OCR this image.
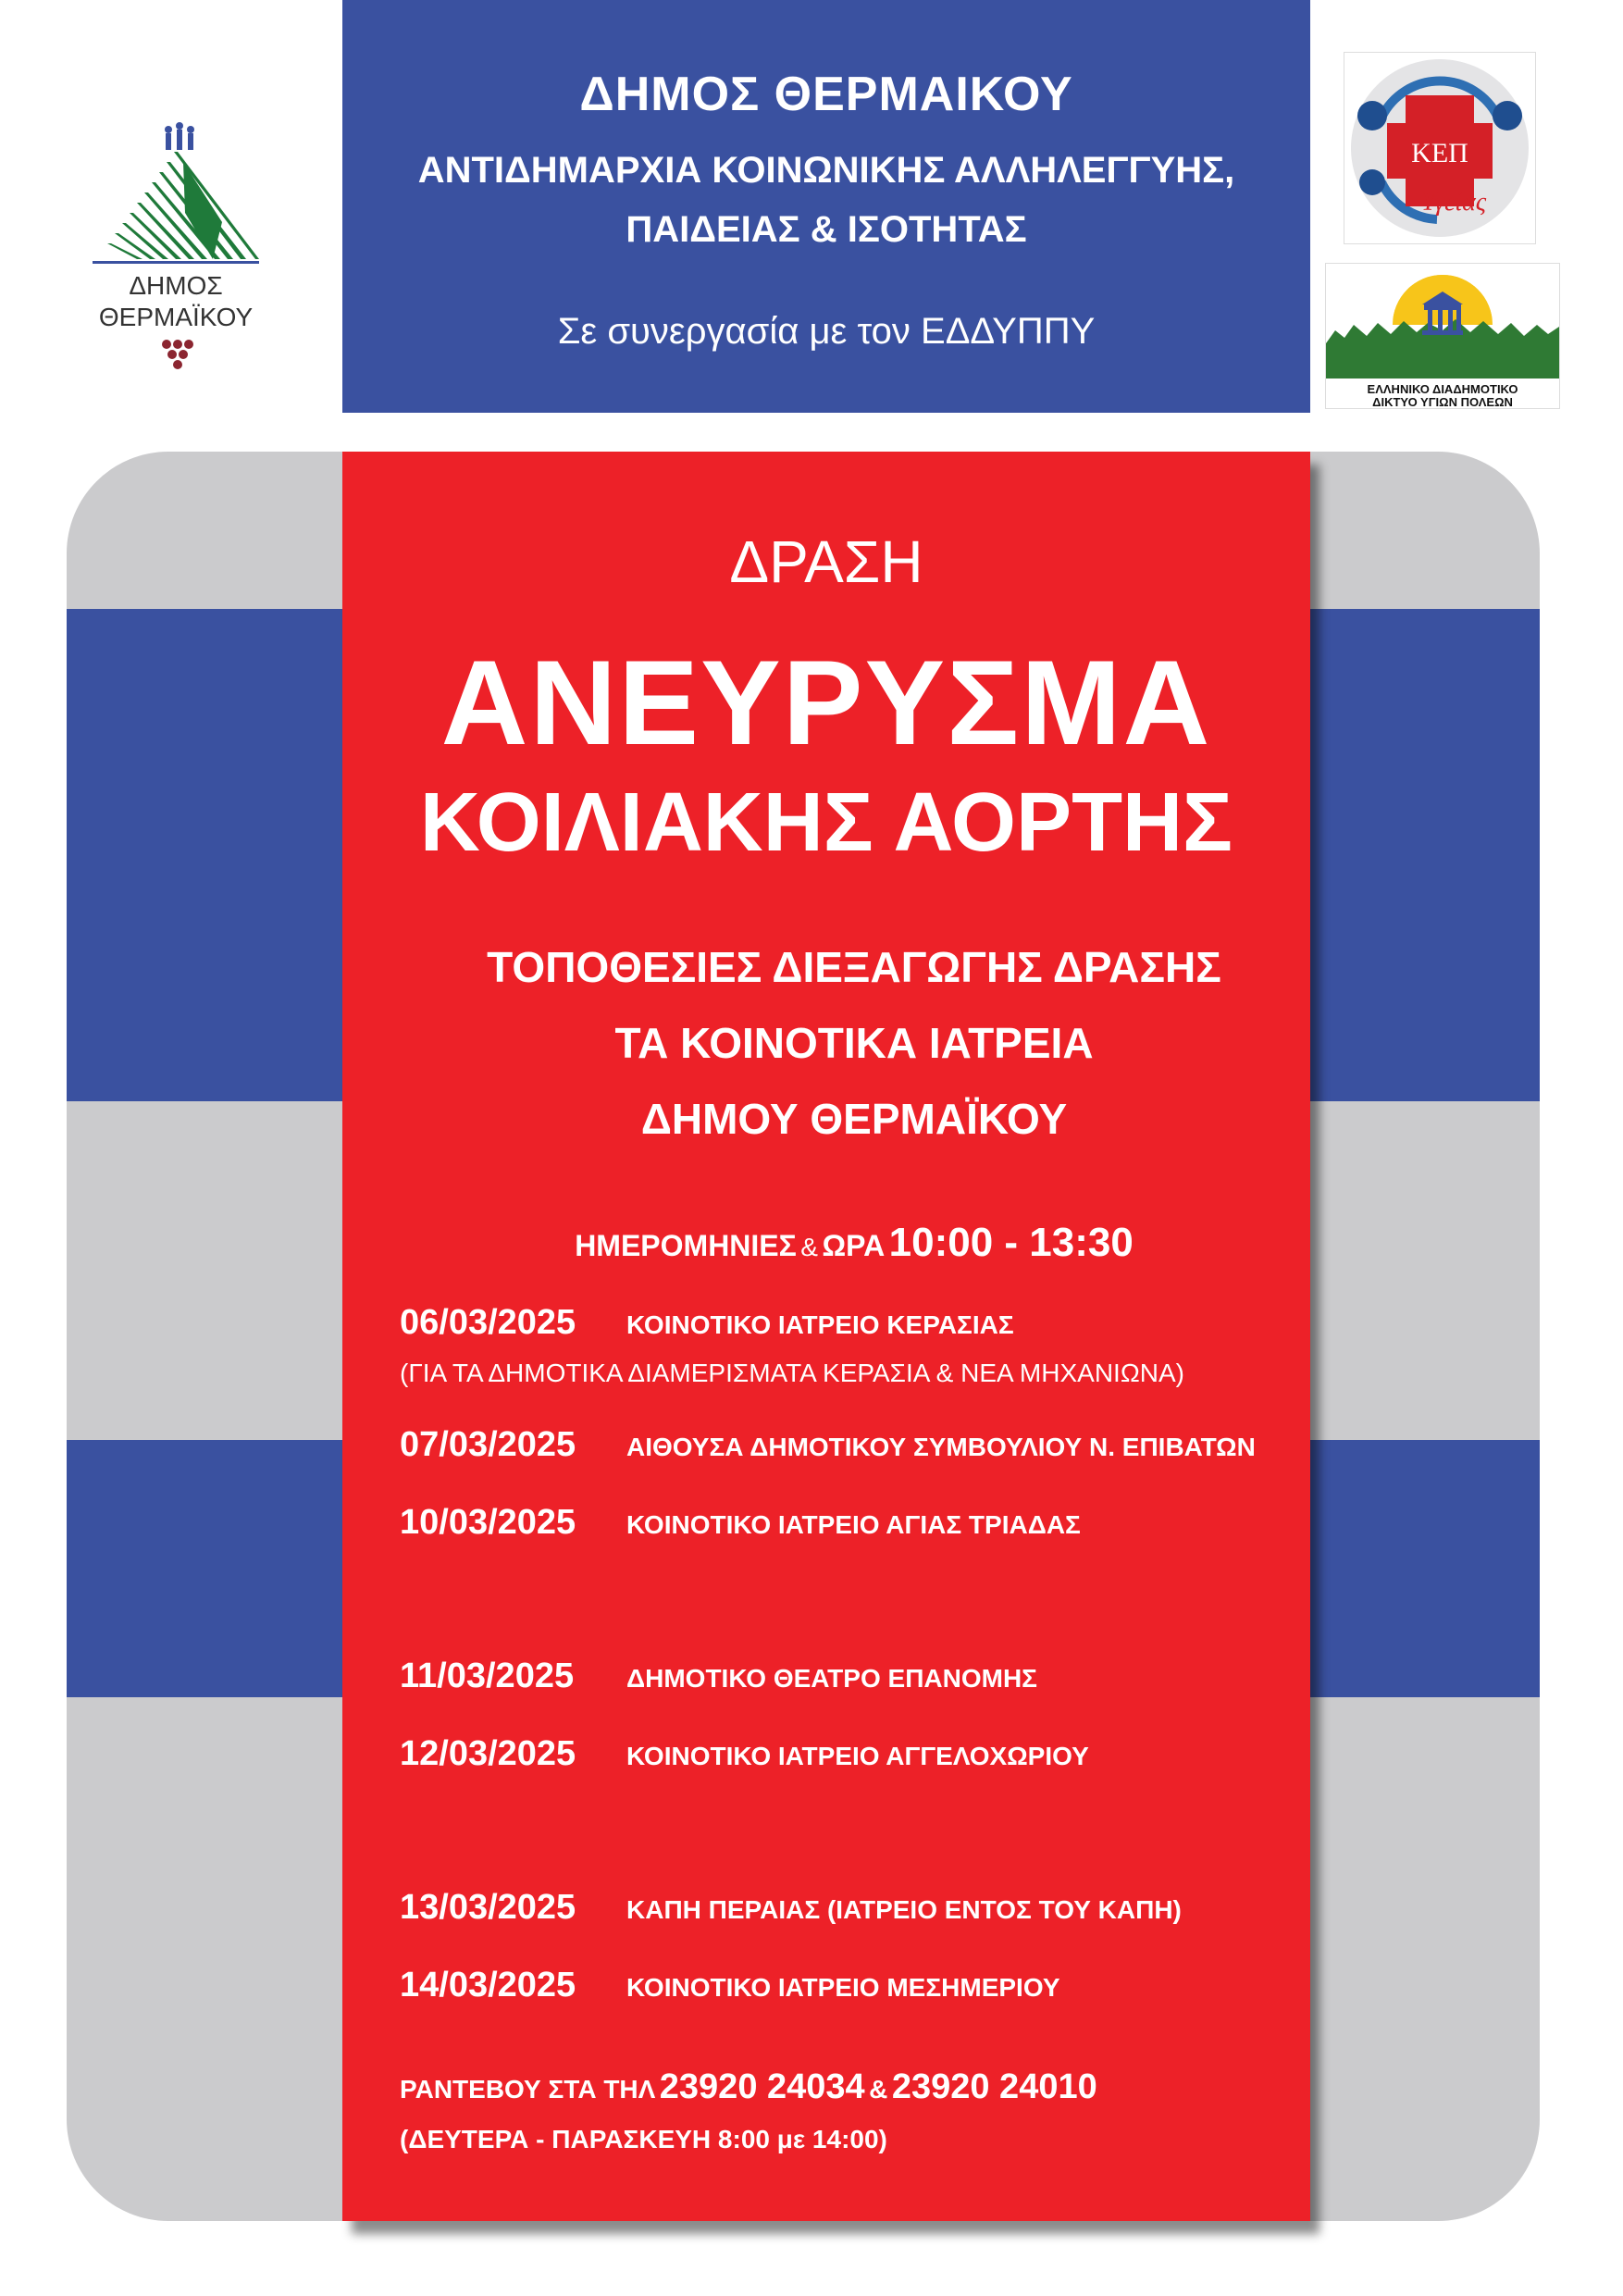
ΔΗΜΟΣ
ΘΕΡΜΑΪΚΟΥ
ΔΗΜΟΣ ΘΕΡΜΑΙΚΟΥ
ΑΝΤΙΔΗΜΑΡΧΙΑ ΚΟΙΝΩΝΙΚΗΣ ΑΛΛΗΛΕΓΓΥΗΣ,
ΠΑΙΔΕΙΑΣ & ΙΣΟΤΗΤΑΣ
Σε συνεργασία με τον ΕΔΔΥΠΠΥ
ΚΕΠ
Υγείας
ΕΛΛΗΝΙΚΟ ΔΙΑΔΗΜΟΤΙΚΟ
ΔΙΚΤΥΟ ΥΓΙΩΝ ΠΟΛΕΩΝ
ΔΡΑΣΗ
ΑΝΕΥΡΥΣΜΑ
ΚΟΙΛΙΑΚΗΣ ΑΟΡΤΗΣ
ΤΟΠΟΘΕΣΙΕΣ ΔΙΕΞΑΓΩΓΗΣ ΔΡΑΣΗΣ
ΤΑ ΚΟΙΝΟΤΙΚΑ ΙΑΤΡΕΙΑ
ΔΗΜΟΥ ΘΕΡΜΑΪΚΟΥ
ΗΜΕΡΟΜΗΝΙΕΣ & ΩΡΑ 10:00 - 13:30
06/03/2025 ΚΟΙΝΟΤΙΚΟ ΙΑΤΡΕΙΟ ΚΕΡΑΣΙΑΣ
(ΓΙΑ ΤΑ ΔΗΜΟΤΙΚΑ ΔΙΑΜΕΡΙΣΜΑΤΑ ΚΕΡΑΣΙΑ & ΝΕΑ ΜΗΧΑΝΙΩΝΑ)
07/03/2025 ΑΙΘΟΥΣΑ ΔΗΜΟΤΙΚΟΥ ΣΥΜΒΟΥΛΙΟΥ Ν. ΕΠΙΒΑΤΩΝ
10/03/2025 ΚΟΙΝΟΤΙΚΟ ΙΑΤΡΕΙΟ ΑΓΙΑΣ ΤΡΙΑΔΑΣ
11/03/2025 ΔΗΜΟΤΙΚΟ ΘΕΑΤΡΟ ΕΠΑΝΟΜΗΣ
12/03/2025 ΚΟΙΝΟΤΙΚΟ ΙΑΤΡΕΙΟ ΑΓΓΕΛΟΧΩΡΙΟΥ
13/03/2025 ΚΑΠΗ ΠΕΡΑΙΑΣ (ΙΑΤΡΕΙΟ ΕΝΤΟΣ ΤΟΥ ΚΑΠΗ)
14/03/2025 ΚΟΙΝΟΤΙΚΟ ΙΑΤΡΕΙΟ ΜΕΣΗΜΕΡΙΟΥ
ΡΑΝΤΕΒΟΥ ΣΤΑ ΤΗΛ 23920 24034 & 23920 24010
(ΔΕΥΤΕΡΑ - ΠΑΡΑΣΚΕΥΗ 8:00 με 14:00)
